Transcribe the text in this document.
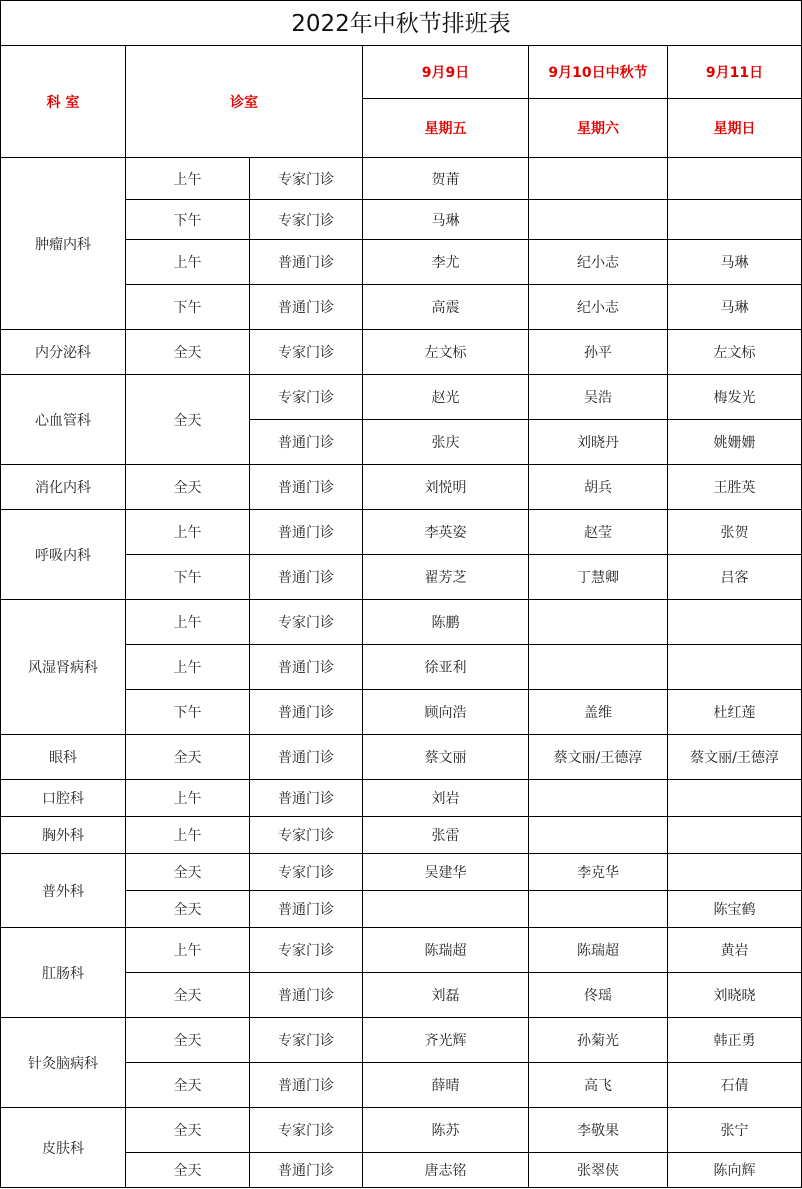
2022年中秋节排班表
科 室	诊室		9月9日	9月10日中秋节	9月11日
			星期五	星期六	星期日
肿瘤内科	上午	专家门诊	贺莆		
	下午	专家门诊	马琳		
	上午	普通门诊	李尤	纪小志	马琳
	下午	普通门诊	高震	纪小志	马琳
内分泌科	全天	专家门诊	左文标	孙平	左文标
心血管科	全天	专家门诊	赵光	吴浩	梅发光
		普通门诊	张庆	刘晓丹	姚姗姗
消化内科	全天	普通门诊	刘悦明	胡兵	王胜英
呼吸内科	上午	普通门诊	李英姿	赵莹	张贺
	下午	普通门诊	翟芳芝	丁慧卿	吕客
风湿肾病科	上午	专家门诊	陈鹏		
	上午	普通门诊	徐亚利		
	下午	普通门诊	顾向浩	盖维	杜红莲
眼科	全天	普通门诊	蔡文丽	蔡文丽/王德淳	蔡文丽/王德淳
口腔科	上午	普通门诊	刘岩		
胸外科	上午	专家门诊	张雷		
普外科	全天	专家门诊	吴建华	李克华	
	全天	普通门诊			陈宝鹤
肛肠科	上午	专家门诊	陈瑞超	陈瑞超	黄岩
	全天	普通门诊	刘磊	佟瑶	刘晓晓
针灸脑病科	全天	专家门诊	齐光辉	孙菊光	韩正勇
	全天	普通门诊	薛晴	高飞	石倩
皮肤科	全天	专家门诊	陈苏	李敬果	张宁
	全天	普通门诊	唐志铭	张翠侠	陈向辉
